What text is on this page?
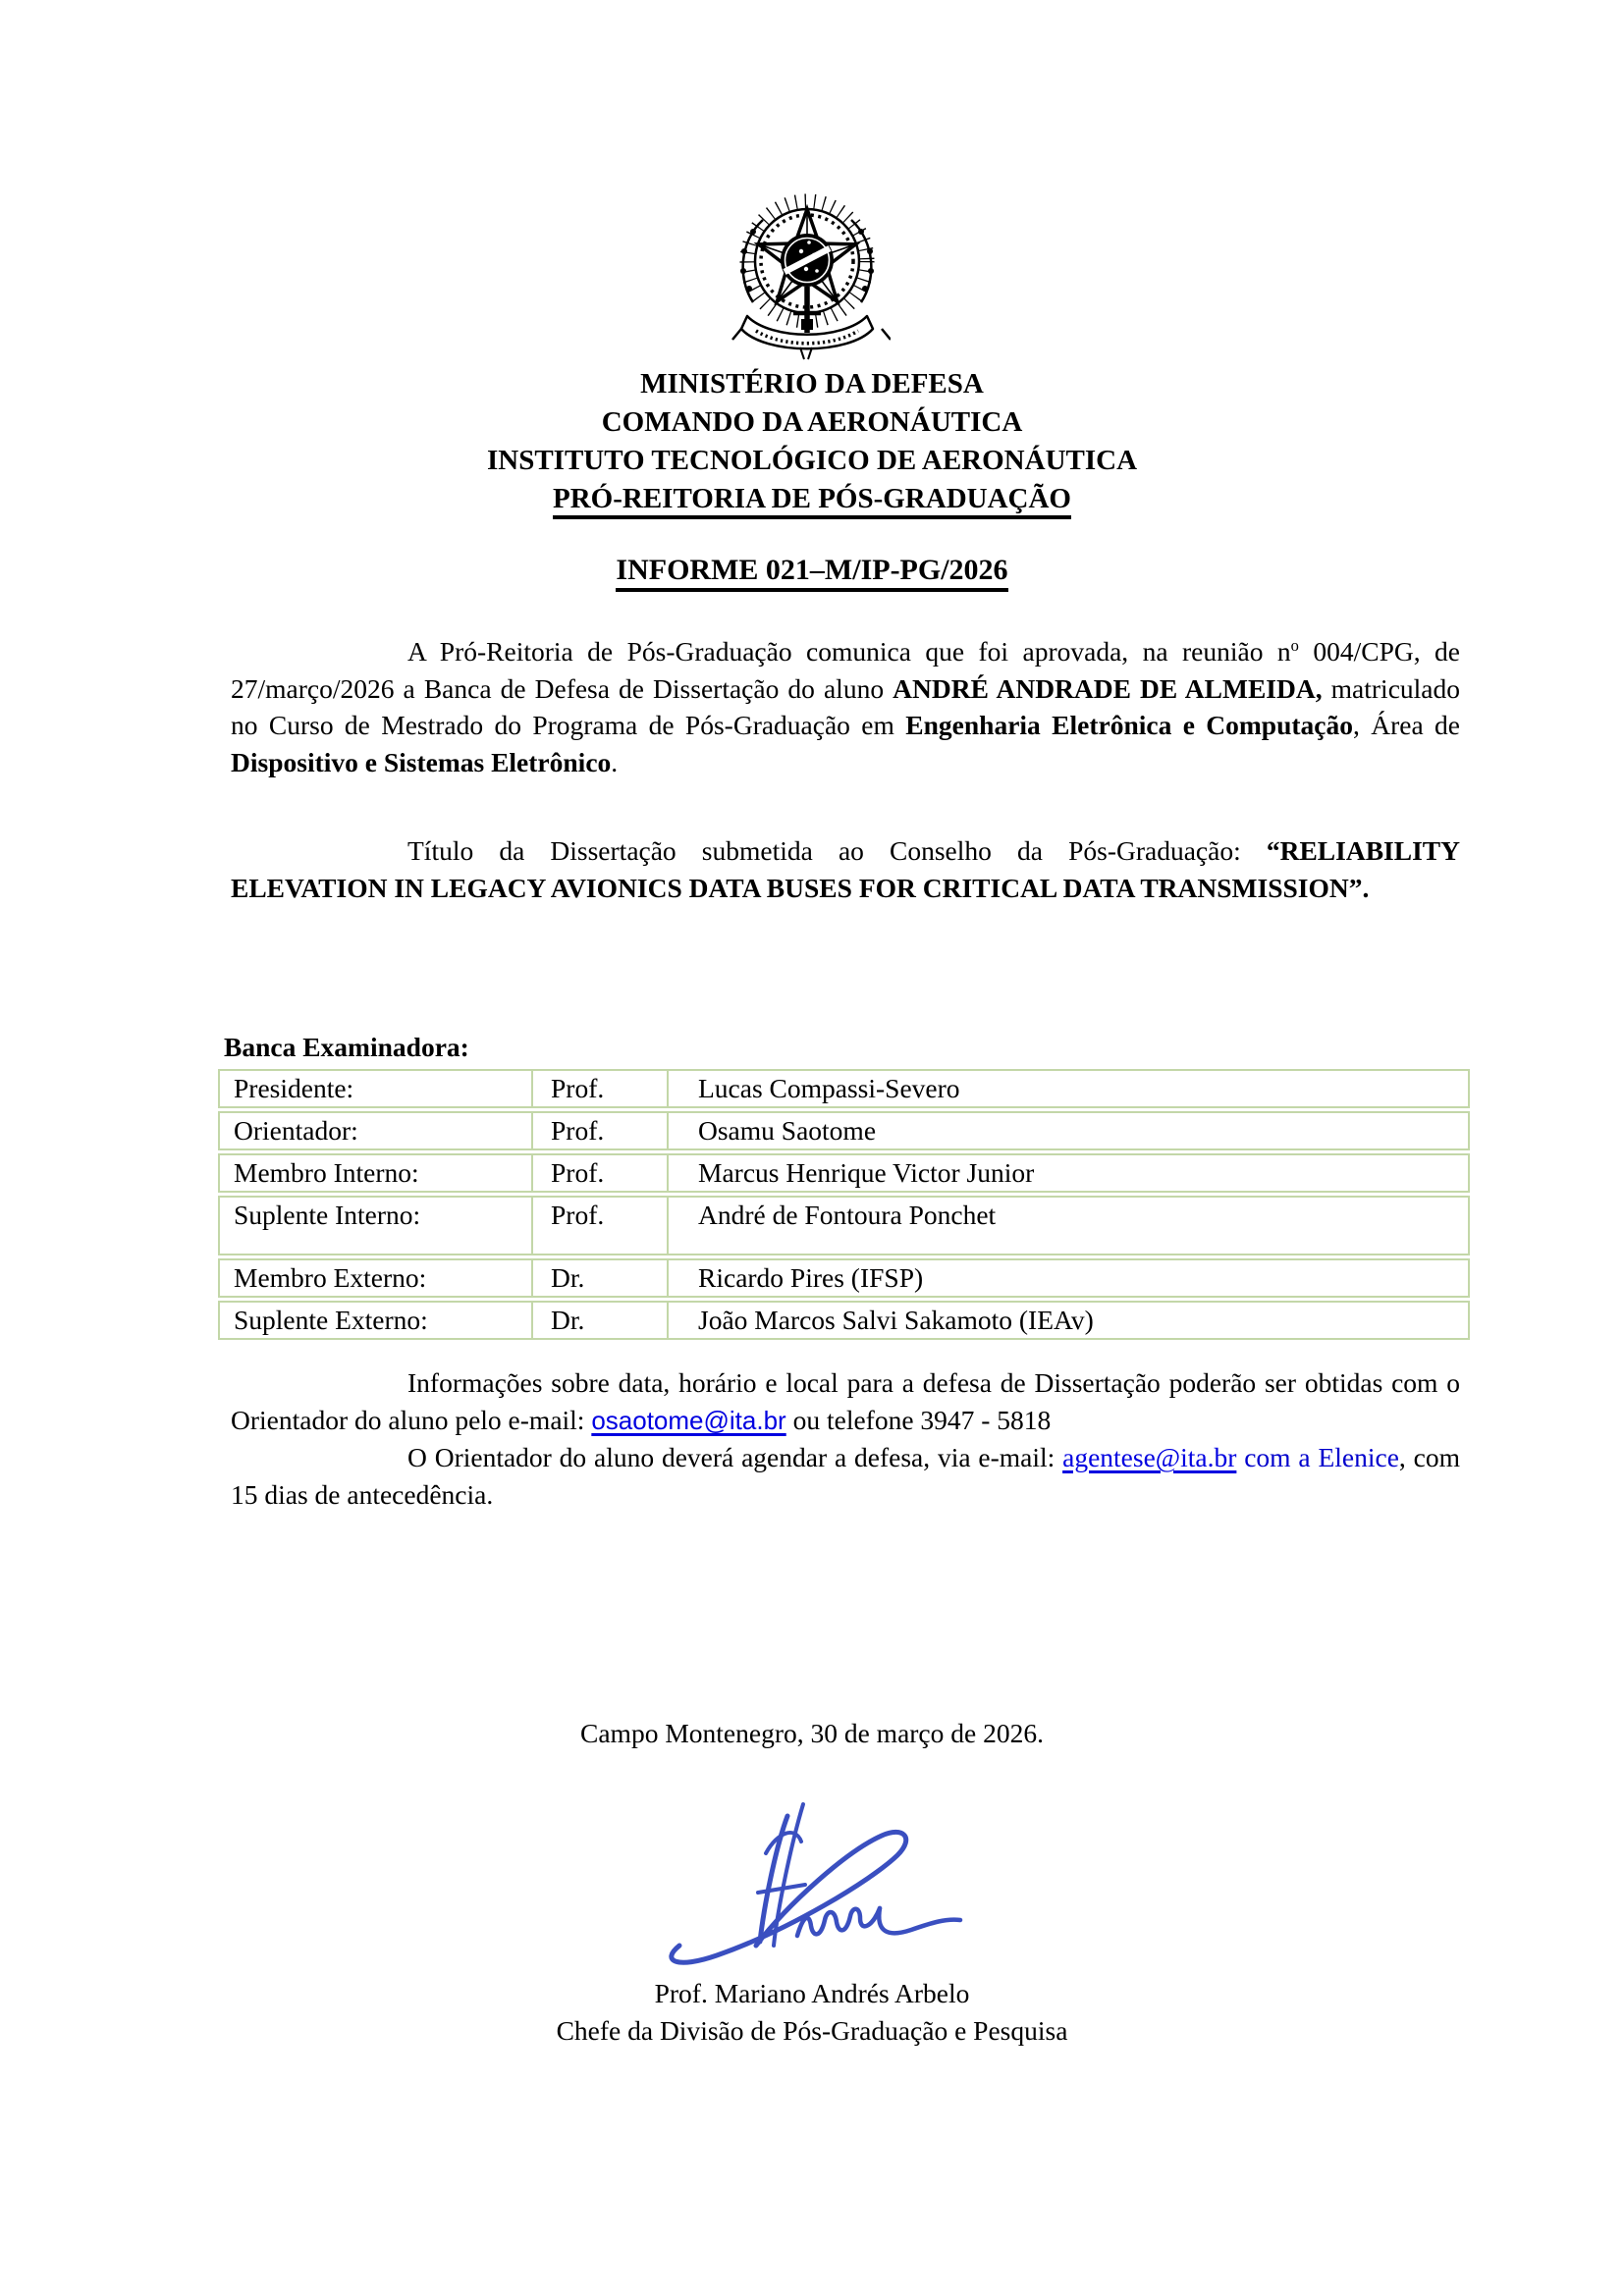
MINISTÉRIO DA DEFESA
COMANDO DA AERONÁUTICA
INSTITUTO TECNOLÓGICO DE AERONÁUTICA
PRÓ-REITORIA DE PÓS-GRADUAÇÃO
INFORME 021–M/IP-PG/2026
A Pró-Reitoria de Pós-Graduação comunica que foi aprovada, na reunião $n^o$ 004/CPG, de 27/março/2026 a Banca de Defesa de Dissertação do aluno ANDRÉ ANDRADE DE ALMEIDA, matriculado no Curso de Mestrado do Programa de Pós-Graduação em Engenharia Eletrônica e Computação, Área de Dispositivo e Sistemas Eletrônico.
Título da Dissertação submetida ao Conselho da Pós-Graduação: “RELIABILITY ELEVATION IN LEGACY AVIONICS DATA BUSES FOR CRITICAL DATA TRANSMISSION”.
Banca Examinadora:
Presidente:	Prof.	Lucas Compassi-Severo
Orientador:	Prof.	Osamu Saotome
Membro Interno:	Prof.	Marcus Henrique Victor Junior
Suplente Interno:	Prof.	André de Fontoura Ponchet
Membro Externo:	Dr.	Ricardo Pires (IFSP)
Suplente Externo:	Dr.	João Marcos Salvi Sakamoto (IEAv)

Informações sobre data, horário e local para a defesa de Dissertação poderão ser obtidas com o Orientador do aluno pelo e-mail: osaotome@ita.br ou telefone 3947 - 5818

O Orientador do aluno deverá agendar a defesa, via e-mail: agentese@ita.br com a Elenice, com 15 dias de antecedência.

Campo Montenegro, 30 de março de 2026.
Prof. Mariano Andrés Arbelo
Chefe da Divisão de Pós-Graduação e Pesquisa
